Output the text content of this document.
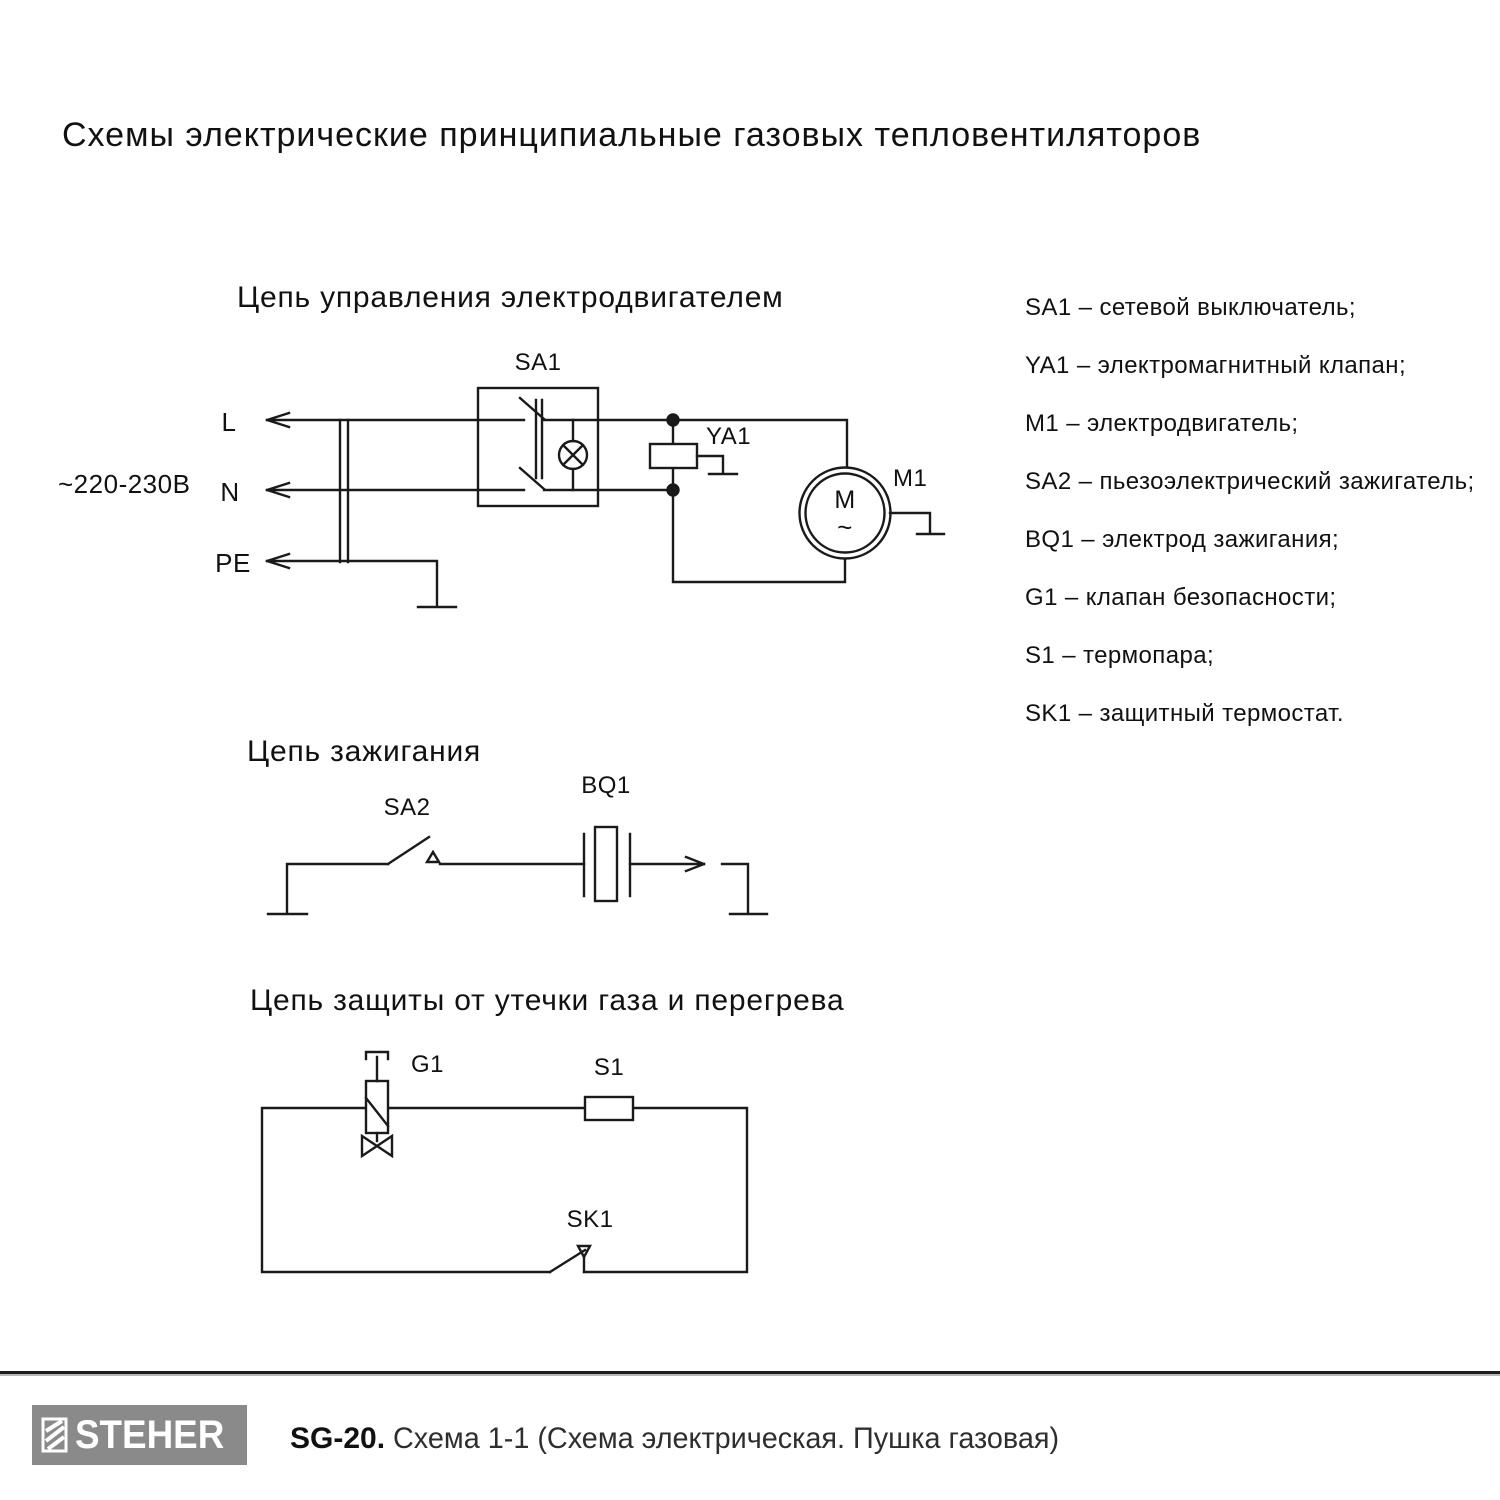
Схемы электрические принципиальные газовых тепловентиляторов
Цепь управления электродвигателем
~220-230В
L
N
PE
SA1
YA1
M1
M
~
SA1 – сетевой выключатель;
YA1 – электромагнитный клапан;
M1 – электродвигатель;
SA2 – пьезоэлектрический зажигатель;
BQ1 – электрод зажигания;
G1 – клапан безопасности;
S1 – термопара;
SK1 – защитный термостат.
Цепь зажигания
SA2
BQ1
Цепь защиты от утечки газа и перегрева
G1	S1
SK1
STEHER SG-20. Схема 1-1 (Схема электрическая. Пушка газовая)
